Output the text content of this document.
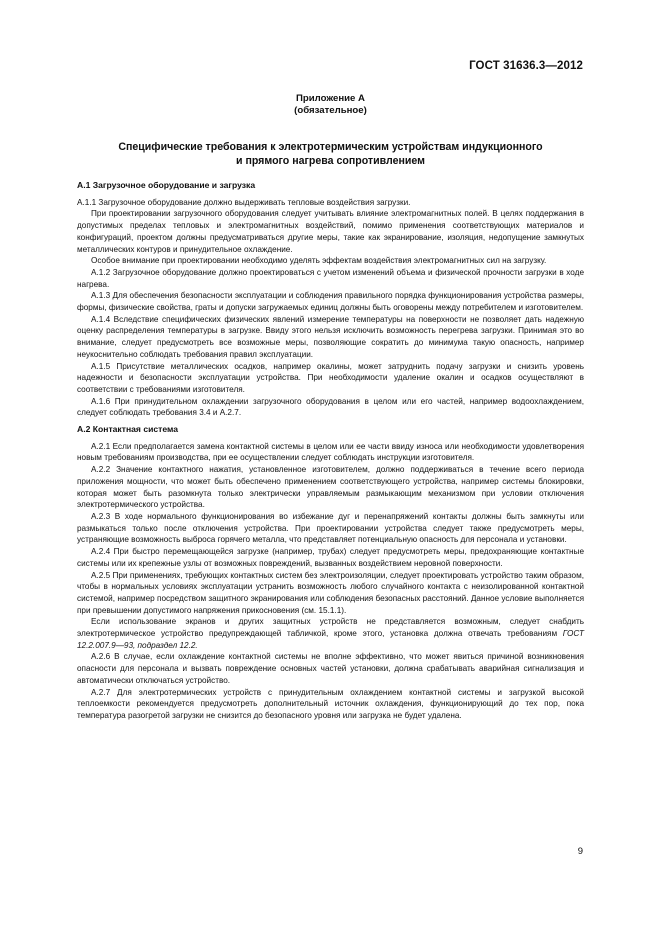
ГОСТ 31636.3—2012
Приложение А
(обязательное)
Специфические требования к электротермическим устройствам индукционного
и прямого нагрева сопротивлением

А.1 Загрузочное оборудование и загрузка

А.1.1 Загрузочное оборудование должно выдерживать тепловые воздействия загрузки.

При проектировании загрузочного оборудования следует учитывать влияние электромагнитных полей. В целях поддержания в допустимых пределах тепловых и электромагнитных воздействий, помимо применения соответствующих материалов и конфигураций, проектом должны предусматриваться другие меры, такие как экранирование, изоляция, недопущение замкнутых металлических контуров и принудительное охлаждение.

Особое внимание при проектировании необходимо уделять эффектам воздействия электромагнитных сил на загрузку.

А.1.2 Загрузочное оборудование должно проектироваться с учетом изменений объема и физической прочности загрузки в ходе нагрева.

А.1.3 Для обеспечения безопасности эксплуатации и соблюдения правильного порядка функционирования устройства размеры, формы, физические свойства, граты и допуски загружаемых единиц должны быть оговорены между потребителем и изготовителем.

А.1.4 Вследствие специфических физических явлений измерение температуры на поверхности не позволяет дать надежную оценку распределения температуры в загрузке. Ввиду этого нельзя исключить возможность перегрева загрузки. Принимая это во внимание, следует предусмотреть все возможные меры, позволяющие сократить до минимума такую опасность, например неукоснительно соблюдать требования правил эксплуатации.

А.1.5 Присутствие металлических осадков, например окалины, может затруднить подачу загрузки и снизить уровень надежности и безопасности эксплуатации устройства. При необходимости удаление окалин и осадков осуществляют в соответствии с требованиями изготовителя.

А.1.6 При принудительном охлаждении загрузочного оборудования в целом или его частей, например водоохлаждением, следует соблюдать требования 3.4 и А.2.7.

А.2 Контактная система

А.2.1 Если предполагается замена контактной системы в целом или ее части ввиду износа или необходимости удовлетворения новым требованиям производства, при ее осуществлении следует соблюдать инструкции изготовителя.

А.2.2 Значение контактного нажатия, установленное изготовителем, должно поддерживаться в течение всего периода приложения мощности, что может быть обеспечено применением соответствующего устройства, например системы блокировки, которая может быть разомкнута только электрически управляемым размыкающим механизмом при условии отключения электротермического устройства.

А.2.3 В ходе нормального функционирования во избежание дуг и перенапряжений контакты должны быть замкнуты или размыкаться только после отключения устройства. При проектировании устройства следует также предусмотреть меры, устраняющие возможность выброса горячего металла, что представляет потенциальную опасность для персонала и установки.

А.2.4 При быстро перемещающейся загрузке (например, трубах) следует предусмотреть меры, предохраняющие контактные системы или их крепежные узлы от возможных повреждений, вызванных воздействием неровной поверхности.

А.2.5 При применениях, требующих контактных систем без электроизоляции, следует проектировать устройство таким образом, чтобы в нормальных условиях эксплуатации устранить возможность любого случайного контакта с неизолированной контактной системой, например посредством защитного экранирования или соблюдения безопасных расстояний. Данное условие выполняется при превышении допустимого напряжения прикосновения (см. 15.1.1).

Если использование экранов и других защитных устройств не представляется возможным, следует снабдить электротермическое устройство предупреждающей табличкой, кроме этого, установка должна отвечать требованиям ГОСТ 12.2.007.9—93, подраздел 12.2.

А.2.6 В случае, если охлаждение контактной системы не вполне эффективно, что может явиться причиной возникновения опасности для персонала и вызвать повреждение основных частей установки, должна срабатывать аварийная сигнализация и автоматически отключаться устройство.

А.2.7 Для электротермических устройств с принудительным охлаждением контактной системы и загрузкой высокой теплоемкости рекомендуется предусмотреть дополнительный источник охлаждения, функционирующий до тех пор, пока температура разогретой загрузки не снизится до безопасного уровня или загрузка не будет удалена.

9
